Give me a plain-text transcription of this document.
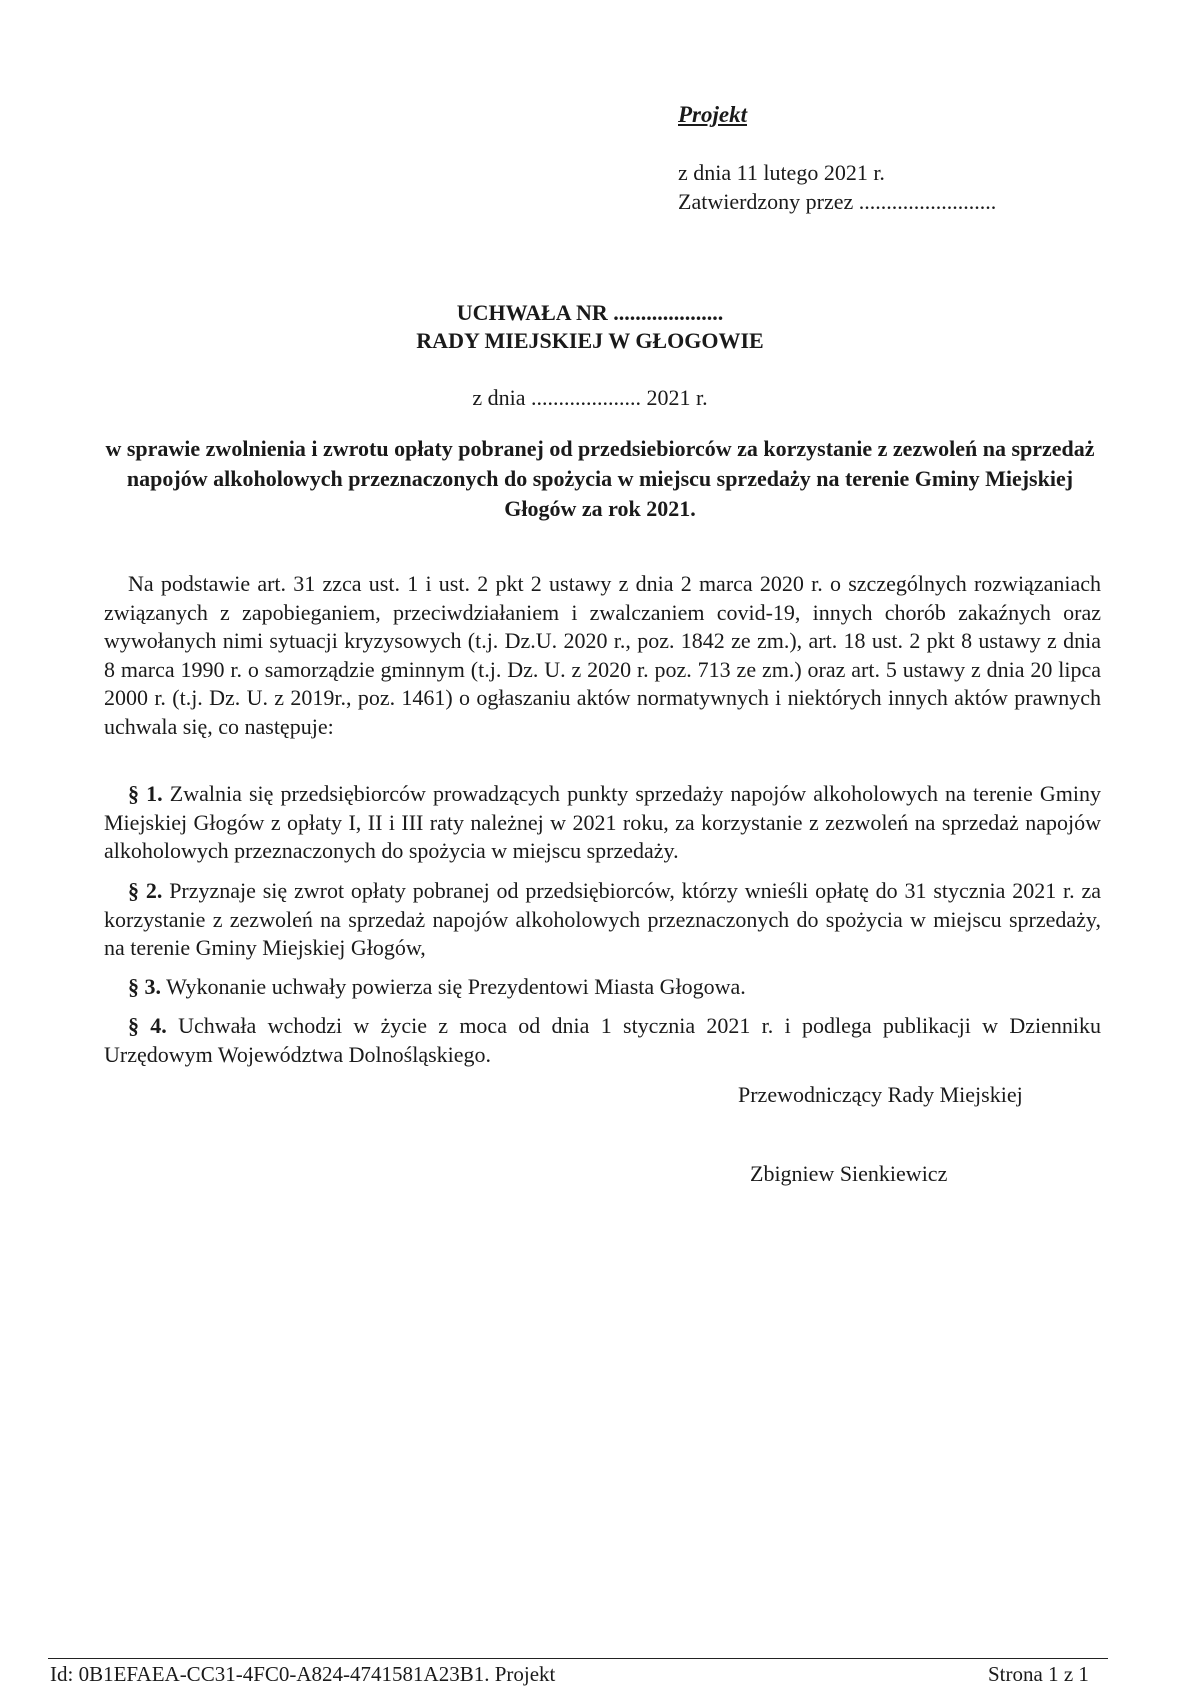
Projekt
z dnia 11 lutego 2021 r.
Zatwierdzony przez .........................
UCHWAŁA NR ....................
RADY MIEJSKIEJ W GŁOGOWIE
z dnia .................... 2021 r.
w sprawie zwolnienia i zwrotu opłaty pobranej od przedsiebiorców za korzystanie z zezwoleń na sprzedaż napojów alkoholowych przeznaczonych do spożycia w miejscu sprzedaży na terenie Gminy Miejskiej Głogów za rok 2021.
Na podstawie art. 31 zzca ust. 1 i ust. 2 pkt 2 ustawy z dnia 2 marca 2020 r. o szczególnych rozwiązaniach związanych z zapobieganiem, przeciwdziałaniem i zwalczaniem covid-19, innych chorób zakaźnych oraz wywołanych nimi sytuacji kryzysowych (t.j. Dz.U. 2020 r., poz. 1842 ze zm.), art. 18 ust. 2 pkt 8 ustawy z dnia 8 marca 1990 r. o samorządzie gminnym (t.j. Dz. U. z 2020 r. poz. 713 ze zm.) oraz art. 5 ustawy z dnia 20 lipca 2000 r. (t.j. Dz. U. z 2019r., poz. 1461) o ogłaszaniu aktów normatywnych i niektórych innych aktów prawnych uchwala się, co następuje:
§ 1. Zwalnia się przedsiębiorców prowadzących punkty sprzedaży napojów alkoholowych na terenie Gminy Miejskiej Głogów z opłaty I, II i III raty należnej w 2021 roku, za korzystanie z zezwoleń na sprzedaż napojów alkoholowych przeznaczonych do spożycia w miejscu sprzedaży.
§ 2. Przyznaje się zwrot opłaty pobranej od przedsiębiorców, którzy wnieśli opłatę do 31 stycznia 2021 r. za korzystanie z zezwoleń na sprzedaż napojów alkoholowych przeznaczonych do spożycia w miejscu sprzedaży, na terenie Gminy Miejskiej Głogów,
§ 3. Wykonanie uchwały powierza się Prezydentowi Miasta Głogowa.
§ 4. Uchwała wchodzi w życie z moca od dnia 1 stycznia 2021 r. i podlega publikacji w Dzienniku Urzędowym Województwa Dolnośląskiego.
Przewodniczący Rady Miejskiej
Zbigniew Sienkiewicz
Id: 0B1EFAEA-CC31-4FC0-A824-4741581A23B1. Projekt	Strona 1 z 1
